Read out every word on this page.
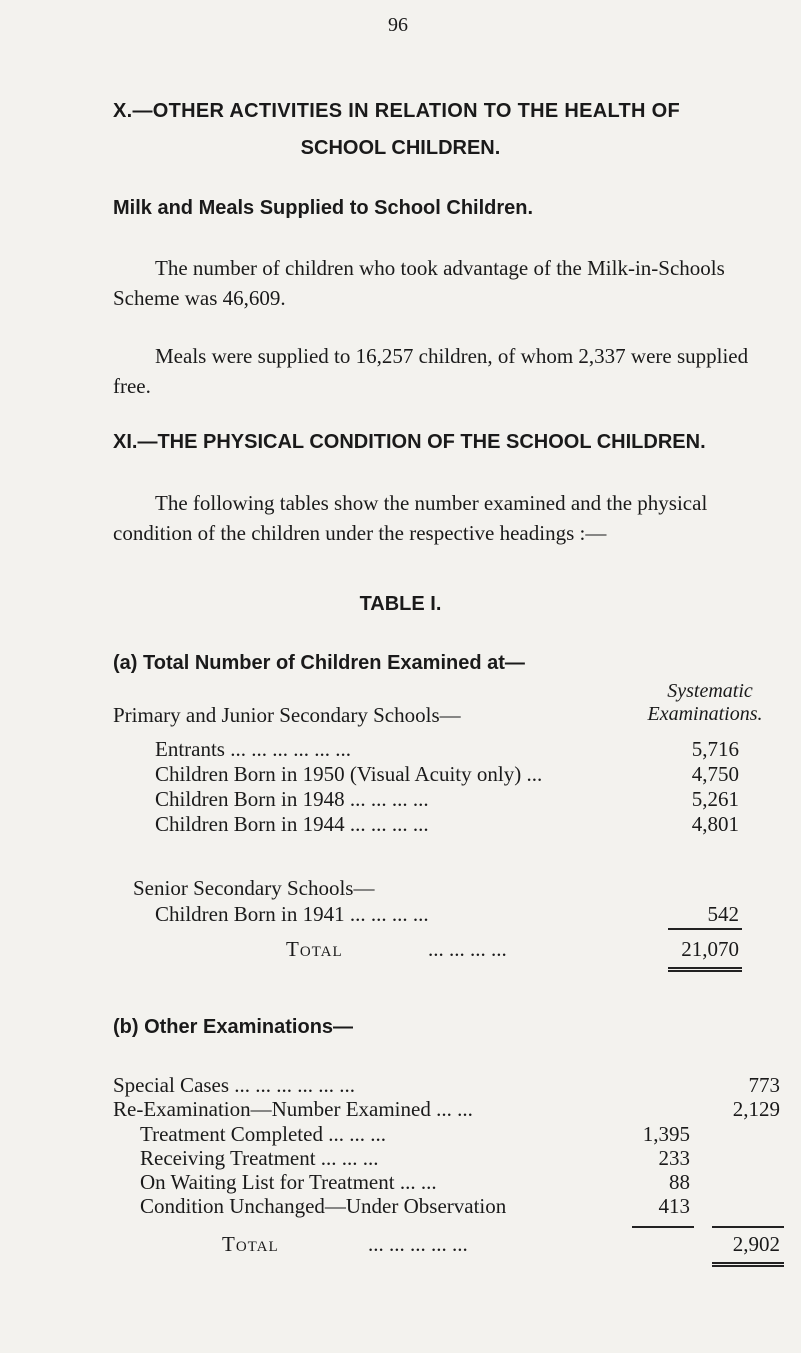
96
X.—OTHER ACTIVITIES IN RELATION TO THE HEALTH OF
SCHOOL CHILDREN.
Milk and Meals Supplied to School Children.
The number of children who took advantage of the Milk-in-Schools Scheme was 46,609.
Meals were supplied to 16,257 children, of whom 2,337 were supplied free.
XI.—THE PHYSICAL CONDITION OF THE SCHOOL CHILDREN.
The following tables show the number examined and the physical condition of the children under the respective headings :—
TABLE I.
(a) Total Number of Children Examined at—
Systematic
Examinations.
Primary and Junior Secondary Schools—
Entrants ... ... ... ... ... ...	5,716
Children Born in 1950 (Visual Acuity only) ...	4,750
Children Born in 1948 ... ... ... ...	5,261
Children Born in 1944 ... ... ... ...	4,801
Senior Secondary Schools—
Children Born in 1941 ... ... ... ...	542
Total	... ... ... ...	21,070
(b) Other Examinations—
Special Cases ... ... ... ... ... ...	773
Re-Examination—Number Examined ... ...	2,129
Treatment Completed ... ... ...	1,395
Receiving Treatment ... ... ...	233
On Waiting List for Treatment ... ...	88
Condition Unchanged—Under Observation	413
Total	... ... ... ... ...	2,902
